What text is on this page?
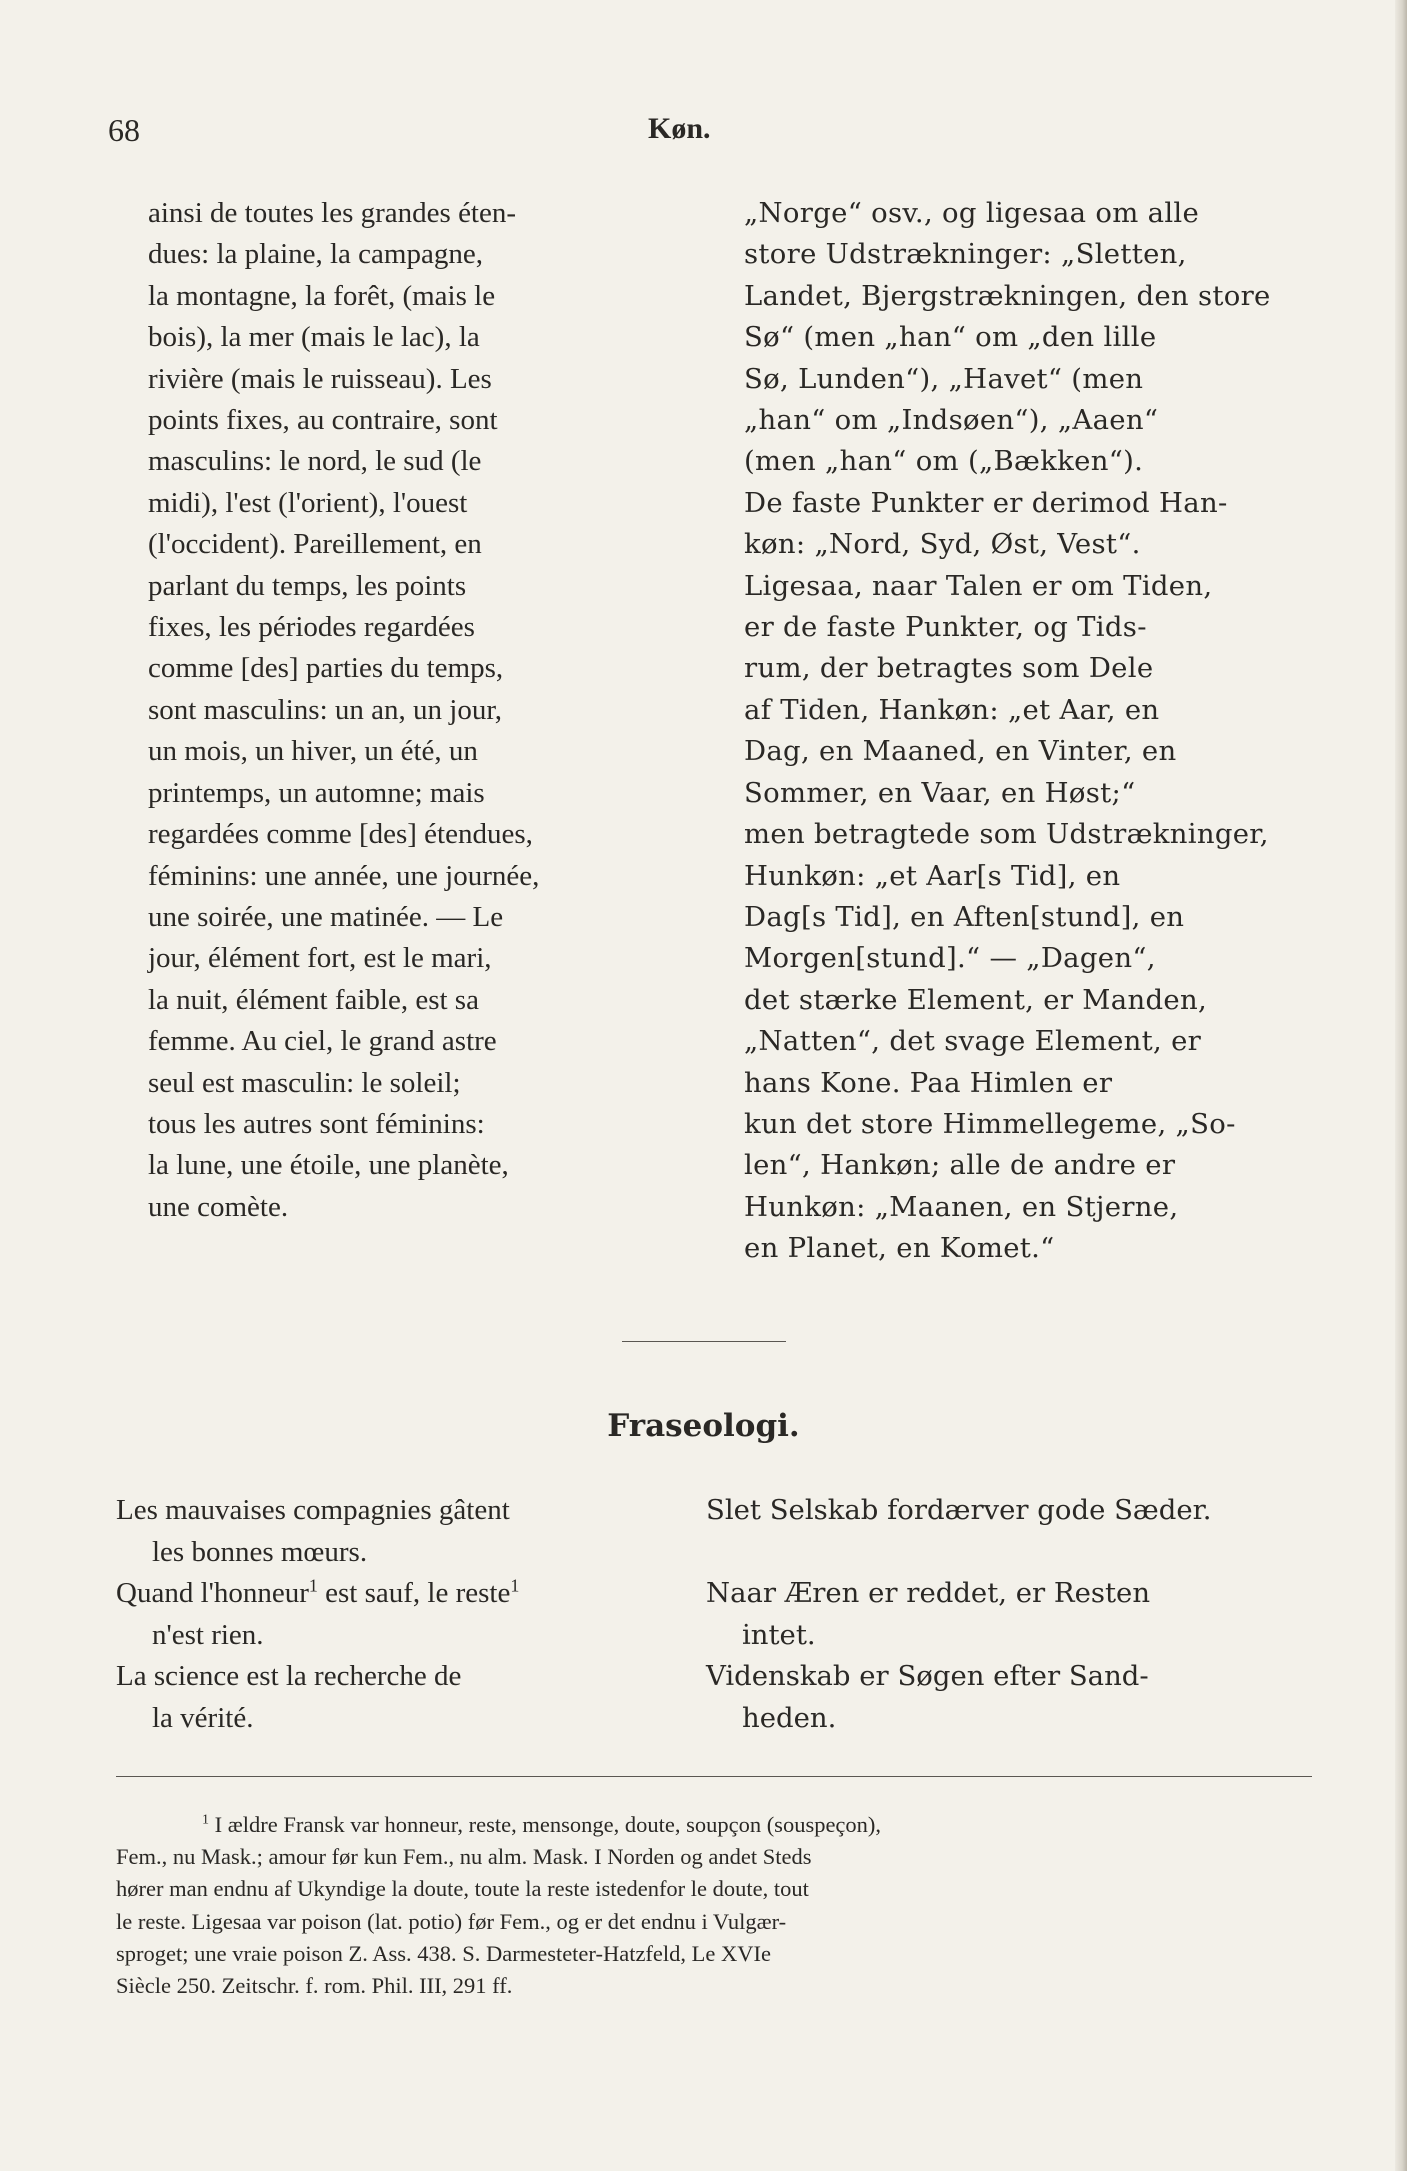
68	Køn.
ainsi de toutes les grandes éten-
dues: la plaine, la campagne,
la montagne, la forêt, (mais le
bois), la mer (mais le lac), la
rivière (mais le ruisseau). Les
points fixes, au contraire, sont
masculins: le nord, le sud (le
midi), l'est (l'orient), l'ouest
(l'occident). Pareillement, en
parlant du temps, les points
fixes, les périodes regardées
comme [des] parties du temps,
sont masculins: un an, un jour,
un mois, un hiver, un été, un
printemps, un automne; mais
regardées comme [des] étendues,
féminins: une année, une journée,
une soirée, une matinée. — Le
jour, élément fort, est le mari,
la nuit, élément faible, est sa
femme. Au ciel, le grand astre
seul est masculin: le soleil;
tous les autres sont féminins:
la lune, une étoile, une planète,
une comète.
„Norge“ osv., og ligesaa om alle
store Udstrækninger: „Sletten,
Landet, Bjergstrækningen, den store
Sø“ (men „han“ om „den lille
Sø, Lunden“), „Havet“ (men
„han“ om „Indsøen“), „Aaen“
(men „han“ om („Bækken“).
De faste Punkter er derimod Han-
køn: „Nord, Syd, Øst, Vest“.
Ligesaa, naar Talen er om Tiden,
er de faste Punkter, og Tids-
rum, der betragtes som Dele
af Tiden, Hankøn: „et Aar, en
Dag, en Maaned, en Vinter, en
Sommer, en Vaar, en Høst;“
men betragtede som Udstrækninger,
Hunkøn: „et Aar[s Tid], en
Dag[s Tid], en Aften[stund], en
Morgen[stund].“ — „Dagen“,
det stærke Element, er Manden,
„Natten“, det svage Element, er
hans Kone. Paa Himlen er
kun det store Himmellegeme, „So-
len“, Hankøn; alle de andre er
Hunkøn: „Maanen, en Stjerne,
en Planet, en Komet.“
Fraseologi.
Les mauvaises compagnies gâtent
les bonnes mœurs.
Slet Selskab fordærver gode Sæder.
Quand l'honneur$^1$ est sauf, le reste$^1$
n'est rien.
Naar Æren er reddet, er Resten
intet.
La science est la recherche de
la vérité.
Videnskab er Søgen efter Sand-
heden.
$^1$ I ældre Fransk var honneur, reste, mensonge, doute, soupçon (souspeçon),
Fem., nu Mask.; amour før kun Fem., nu alm. Mask. I Norden og andet Steds
hører man endnu af Ukyndige la doute, toute la reste istedenfor le doute, tout
le reste. Ligesaa var poison (lat. potio) før Fem., og er det endnu i Vulgær-
sproget; une vraie poison Z. Ass. 438. S. Darmesteter-Hatzfeld, Le XVIe
Siècle 250. Zeitschr. f. rom. Phil. III, 291 ff.
